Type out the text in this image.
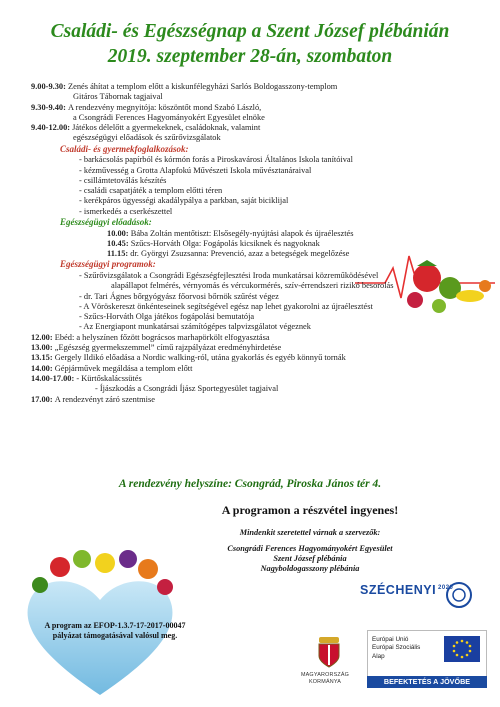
Családi- és Egészségnap a Szent József plébánián
2019. szeptember 28-án, szombaton
9.00-9.30:
Zenés áhítat a templom előtt a kiskunfélegyházi Sarlós Boldogasszony-templom
Gitáros Tábornak tagjaival
9.30-9.40:
A rendezvény megnyitója: köszöntőt mond Szabó László,
a Csongrádi Ferences Hagyományokért Egyesület elnöke
9.40-12.00:
Játékos délelőtt a gyermekeknek, családoknak, valamint
egészségügyi előadások és szűrővizsgálatok
Családi- és gyermekfoglalkozások:
- barkácsolás papírból és kórmón forás a Piroskavárosi Általános Iskola tanítóival
- kézművesség a Grotta Alapfokú Művészeti Iskola művésztanáraival
- csillámtetoválás készítés
- családi csapatjáték a templom előtti téren
- kerékpáros ügyességi akadálypálya a parkban, saját biciklijal
- ismerkedés a cserkészettel
Egészségügyi előadások:
10.00: Bába Zoltán mentőtiszt: Elsősegély-nyújtási alapok és újraélesztés
10.45: Szűcs-Horváth Olga: Fogápolás kicsiknek és nagyoknak
11.15: dr. Györgyi Zsuzsanna: Prevenció, azaz a betegségek megelőzése
Egészségügyi programok:
- Szűrővizsgálatok a Csongrádi Egészségfejlesztési Iroda munkatársai közreműködésével
alapállapot felmérés, vérnyomás és vércukormérés, szív-érrendszeri rizikó besorolás
- dr. Tari Ágnes bőrgyógyász főorvosi bőrnök szűrést végez
- A Vöröskereszt önkénteseinek segítségével egész nap lehet gyakorolni az újraélesztést
- Szűcs-Horváth Olga játékos fogápolási bemutatója
- Az Energiapont munkatársai számítógépes talpvizsgálatot végeznek
12.00:
Ebéd: a helyszínen főzött bográcsos marhapörkölt elfogyasztása
13.00:
„Egészség gyermekszemmel” című rajzpályázat eredményhirdetése
13.15:
Gergely Ildikó előadása a Nordic walking-ról, utána gyakorlás és egyéb könnyű tornák
14.00:
Gépjárművek megáldása a templom előtt
14.00-17.00:
- Kürtőskalácssütés
- Íjászkodás a Csongrádi Íjász Sportegyesület tagjaival
17.00:
A rendezvényt záró szentmise
A rendezvény helyszíne: Csongrád, Piroska János tér 4.
A programon a részvétel ingyenes!
Mindenkit szeretettel várnak a szervezők:
Csongrádi Ferences Hagyományokért Egyesület
Szent József plébánia
Nagyboldogasszony plébánia
A program az EFOP-1.3.7-17-2017-00047 pályázat támogatásával valósul meg.
SZÉCHENYI $^{2020}$
MAGYARORSZÁG
KORMÁNYA
Európai Unió
Európai Szociális
Alap
BEFEKTETÉS A JÖVŐBE
